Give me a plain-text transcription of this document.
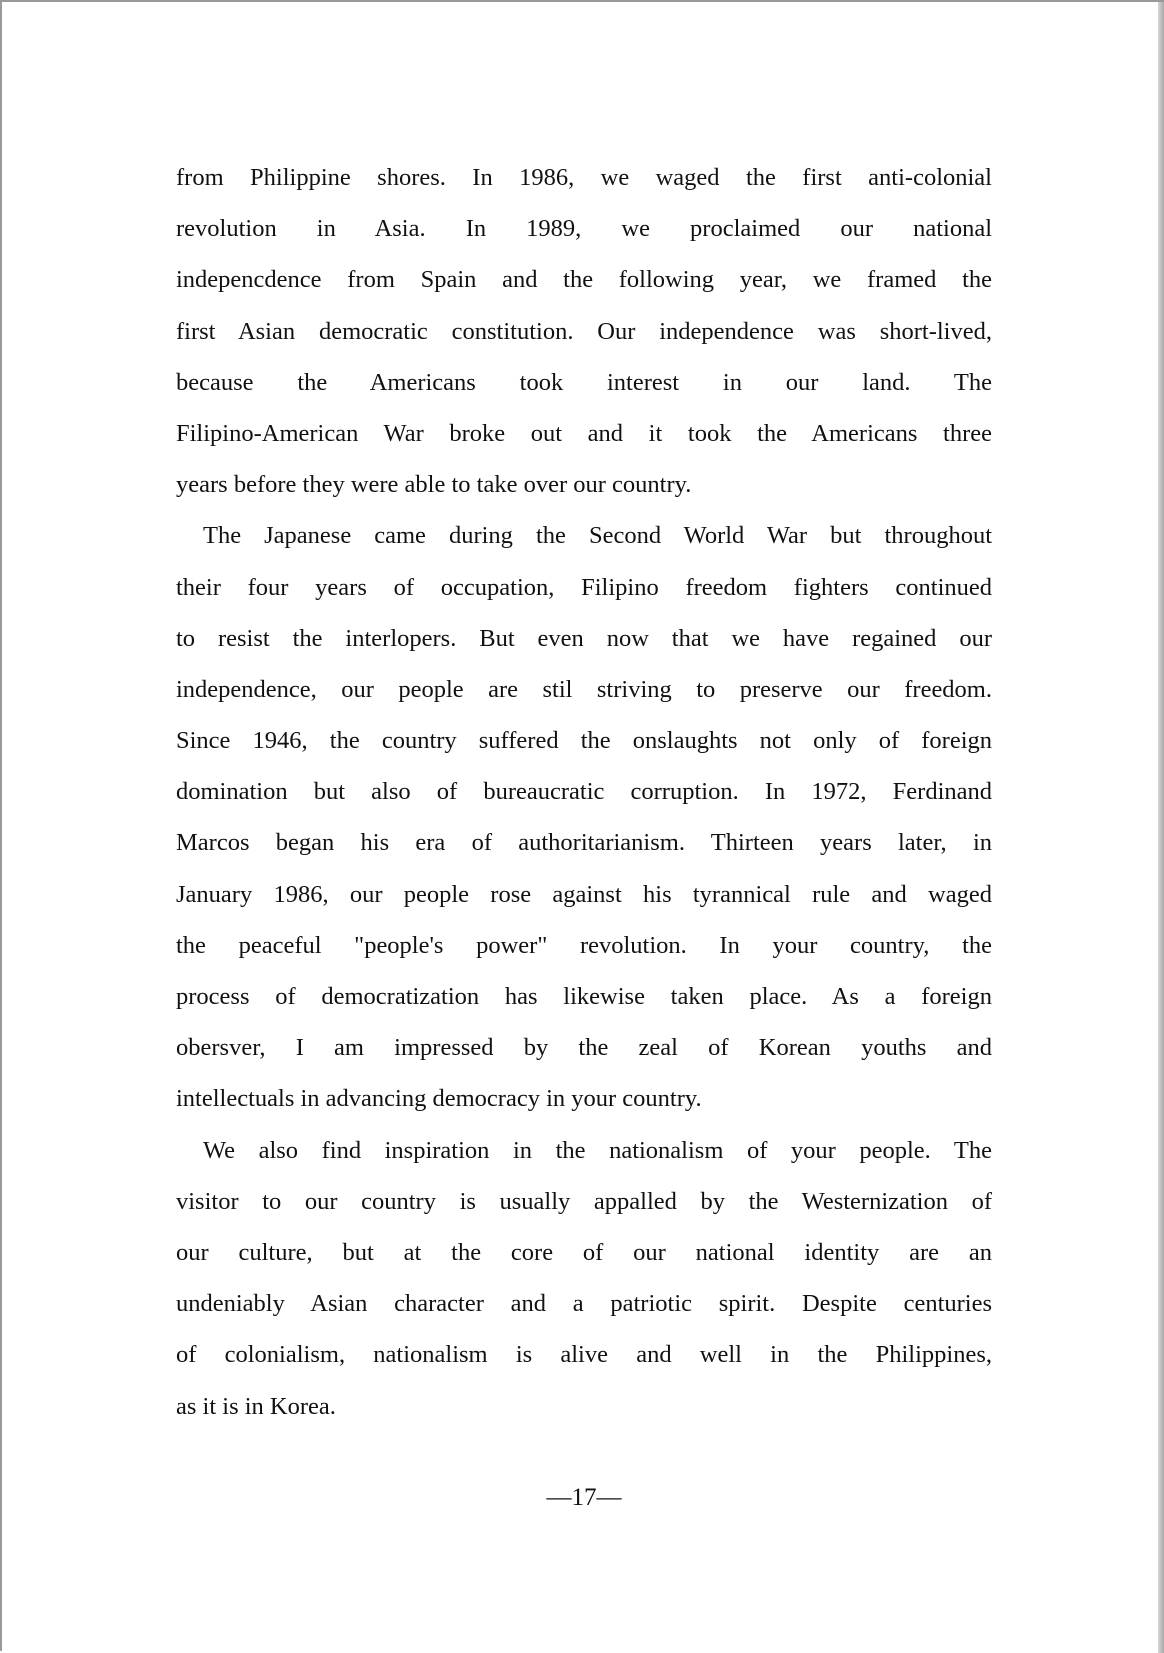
from Philippine shores. In 1986, we waged the first anti-colonial
revolution in Asia. In 1989, we proclaimed our national
indepencdence from Spain and the following year, we framed the
first Asian democratic constitution. Our independence was short-lived,
because the Americans took interest in our land. The
Filipino-American War broke out and it took the Americans three
years before they were able to take over our country.
The Japanese came during the Second World War but throughout
their four years of occupation, Filipino freedom fighters continued
to resist the interlopers. But even now that we have regained our
independence, our people are stil striving to preserve our freedom.
Since 1946, the country suffered the onslaughts not only of foreign
domination but also of bureaucratic corruption. In 1972, Ferdinand
Marcos began his era of authoritarianism. Thirteen years later, in
January 1986, our people rose against his tyrannical rule and waged
the peaceful "people's power" revolution. In your country, the
process of democratization has likewise taken place. As a foreign
obersver, I am impressed by the zeal of Korean youths and
intellectuals in advancing democracy in your country.
We also find inspiration in the nationalism of your people. The
visitor to our country is usually appalled by the Westernization of
our culture, but at the core of our national identity are an
undeniably Asian character and a patriotic spirit. Despite centuries
of colonialism, nationalism is alive and well in the Philippines,
as it is in Korea.
—17—
